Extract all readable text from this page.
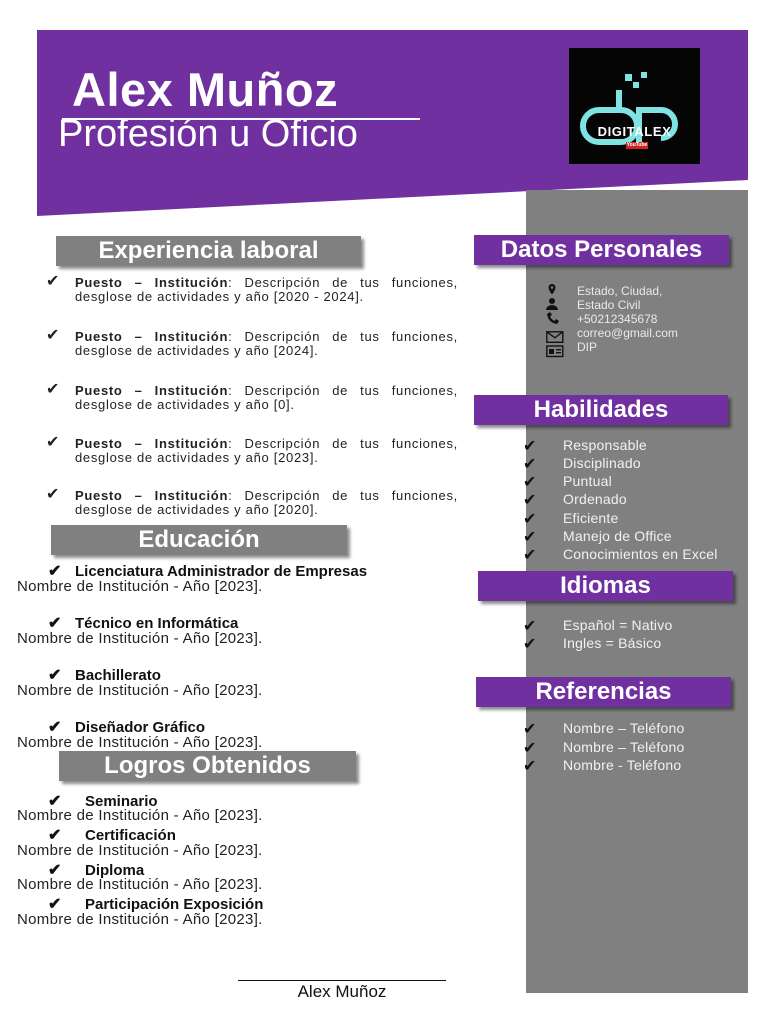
Alex Muñoz
Profesión u Oficio	DIGITALEX
YouTube
Datos Personales
Estado, Ciudad,
Estado Civil
+50212345678
correo@gmail.com
DIP
Habilidades
✔ Responsable
✔ Disciplinado
✔ Puntual
✔ Ordenado
✔ Eficiente
✔ Manejo de Office
✔ Conocimientos en Excel
Idiomas
✔ Español = Nativo
✔ Ingles = Básico
Referencias
✔ Nombre – Teléfono
✔ Nombre – Teléfono
✔ Nombre - Teléfono
Experiencia laboral
✔ Puesto – Institución: Descripción de tus funciones, desglose de actividades y año [2020 - 2024].
✔ Puesto – Institución: Descripción de tus funciones, desglose de actividades y año [2024].
✔ Puesto – Institución: Descripción de tus funciones, desglose de actividades y año [0].
✔ Puesto – Institución: Descripción de tus funciones, desglose de actividades y año [2023].
✔ Puesto – Institución: Descripción de tus funciones, desglose de actividades y año [2020].
Educación
✔ Licenciatura Administrador de Empresas
Nombre de Institución - Año [2023].
✔ Técnico en Informática
Nombre de Institución - Año [2023].
✔ Bachillerato
Nombre de Institución - Año [2023].
✔ Diseñador Gráfico
Nombre de Institución - Año [2023].
Logros Obtenidos
✔ Seminario
Nombre de Institución - Año [2023].
✔ Certificación
Nombre de Institución - Año [2023].
✔ Diploma
Nombre de Institución - Año [2023].
✔ Participación Exposición
Nombre de Institución - Año [2023].
Alex Muñoz
